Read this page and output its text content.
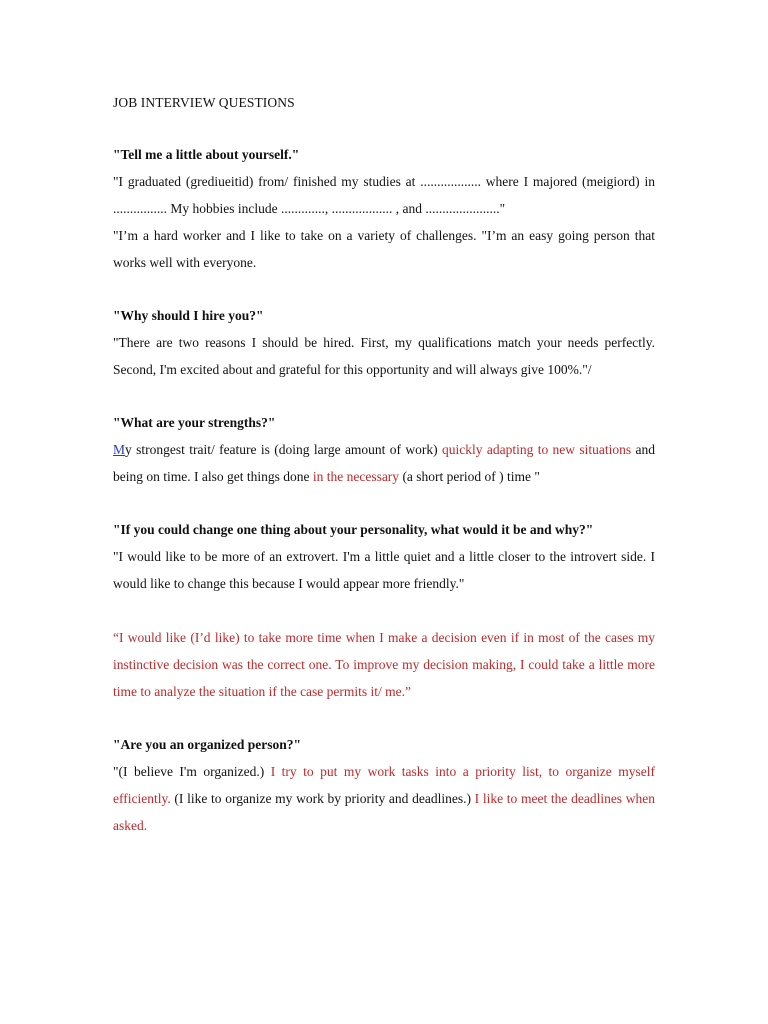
JOB INTERVIEW QUESTIONS
"Tell me a little about yourself."
"I graduated (grediueitid) from/ finished my studies at .................. where I majored (meigiord) in ................ My hobbies include ............., .................. , and ......................"
"I’m a hard worker and I like to take on a variety of challenges. "I’m an easy going person that works well with everyone.
"Why should I hire you?"
"There are two reasons I should be hired. First, my qualifications match your needs perfectly. Second, I'm excited about and grateful for this opportunity and will always give 100%."/
"What are your strengths?"
My strongest trait/ feature is (doing large amount of work) quickly adapting to new situations and being on time. I also get things done in the necessary (a short period of ) time "
"If you could change one thing about your personality, what would it be and why?"
"I would like to be more of an extrovert. I'm a little quiet and a little closer to the introvert side. I would like to change this because I would appear more friendly."
“I would like (I’d like) to take more time when I make a decision even if in most of the cases my instinctive decision was the correct one. To improve my decision making, I could take a little more time to analyze the situation if the case permits it/ me.”
"Are you an organized person?"
"(I believe I'm organized.) I try to put my work tasks into a priority list, to organize myself efficiently. (I like to organize my work by priority and deadlines.) I like to meet the deadlines when asked.
